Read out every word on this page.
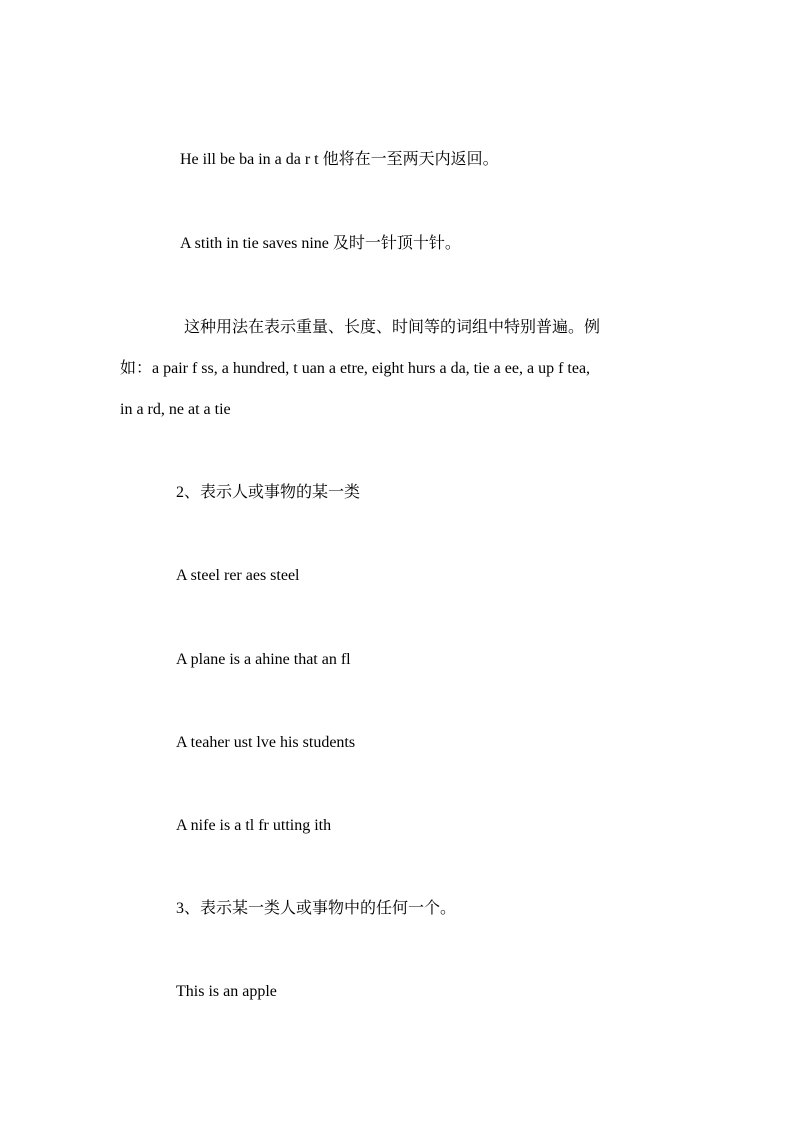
He ill be ba in a da r t 他将在一至两天内返回。
A stith in tie saves nine 及时一针顶十针。
这种用法在表示重量、长度、时间等的词组中特别普遍。例
如：a pair f ss, a hundred, t uan a etre, eight hurs a da, tie a ee, a up f tea,
in a rd, ne at a tie
2、表示人或事物的某一类
A steel rer aes steel
A plane is a ahine that an fl
A teaher ust lve his students
A nife is a tl fr utting ith
3、表示某一类人或事物中的任何一个。
This is an apple
